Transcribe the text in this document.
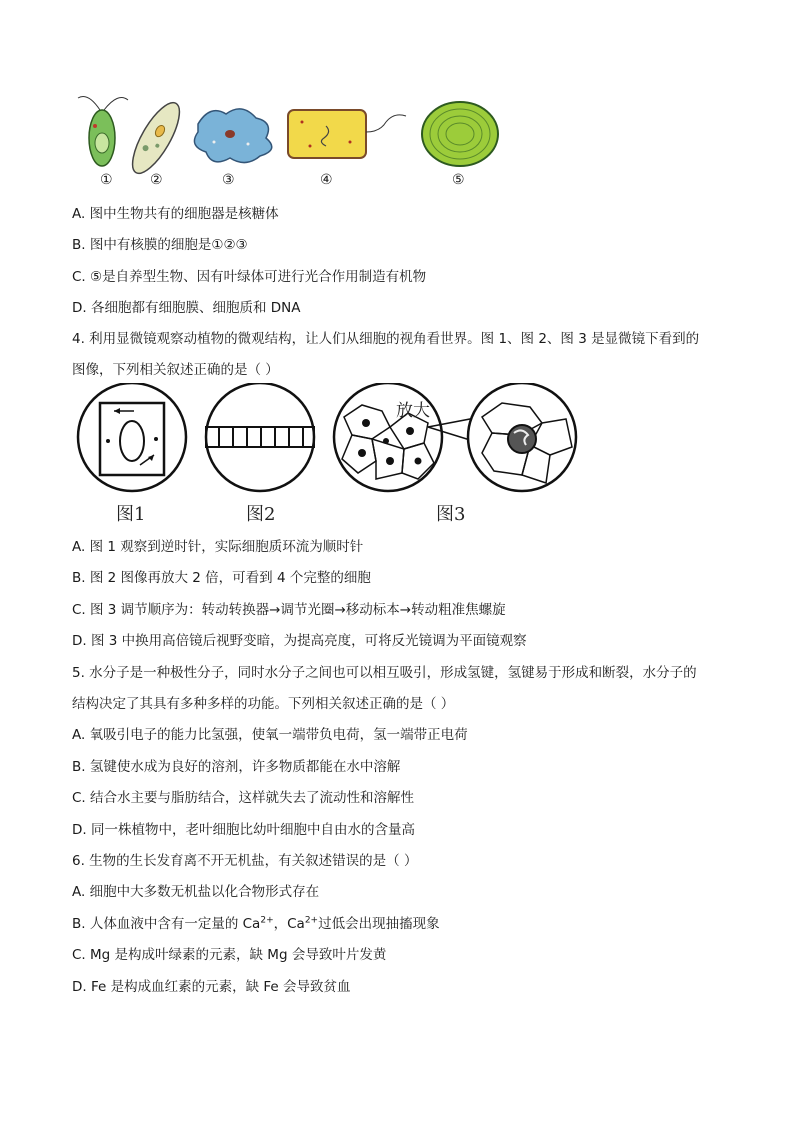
①	②	③	④	⑤
A. 图中生物共有的细胞器是核糖体
B. 图中有核膜的细胞是①②③
C. ⑤是自养型生物、因有叶绿体可进行光合作用制造有机物
D. 各细胞都有细胞膜、细胞质和 DNA
4. 利用显微镜观察动植物的微观结构，让人们从细胞的视角看世界。图 1、图 2、图 3 是显微镜下看到的
图像，下列相关叙述正确的是（ ）
放大
图1	图2	图3
A. 图 1 观察到逆时针，实际细胞质环流为顺时针
B. 图 2 图像再放大 2 倍，可看到 4 个完整的细胞
C. 图 3 调节顺序为：转动转换器→调节光圈→移动标本→转动粗准焦螺旋
D. 图 3 中换用高倍镜后视野变暗，为提高亮度，可将反光镜调为平面镜观察
5. 水分子是一种极性分子，同时水分子之间也可以相互吸引，形成氢键，氢键易于形成和断裂，水分子的
结构决定了其具有多种多样的功能。下列相关叙述正确的是（ ）
A. 氧吸引电子的能力比氢强，使氧一端带负电荷，氢一端带正电荷
B. 氢键使水成为良好的溶剂，许多物质都能在水中溶解
C. 结合水主要与脂肪结合，这样就失去了流动性和溶解性
D. 同一株植物中，老叶细胞比幼叶细胞中自由水的含量高
6. 生物的生长发育离不开无机盐，有关叙述错误的是（ ）
A. 细胞中大多数无机盐以化合物形式存在
B. 人体血液中含有一定量的 $Ca^{2+}$，$Ca^{2+}$过低会出现抽搐现象
C. Mg 是构成叶绿素的元素，缺 Mg 会导致叶片发黄
D. Fe 是构成血红素的元素，缺 Fe 会导致贫血
